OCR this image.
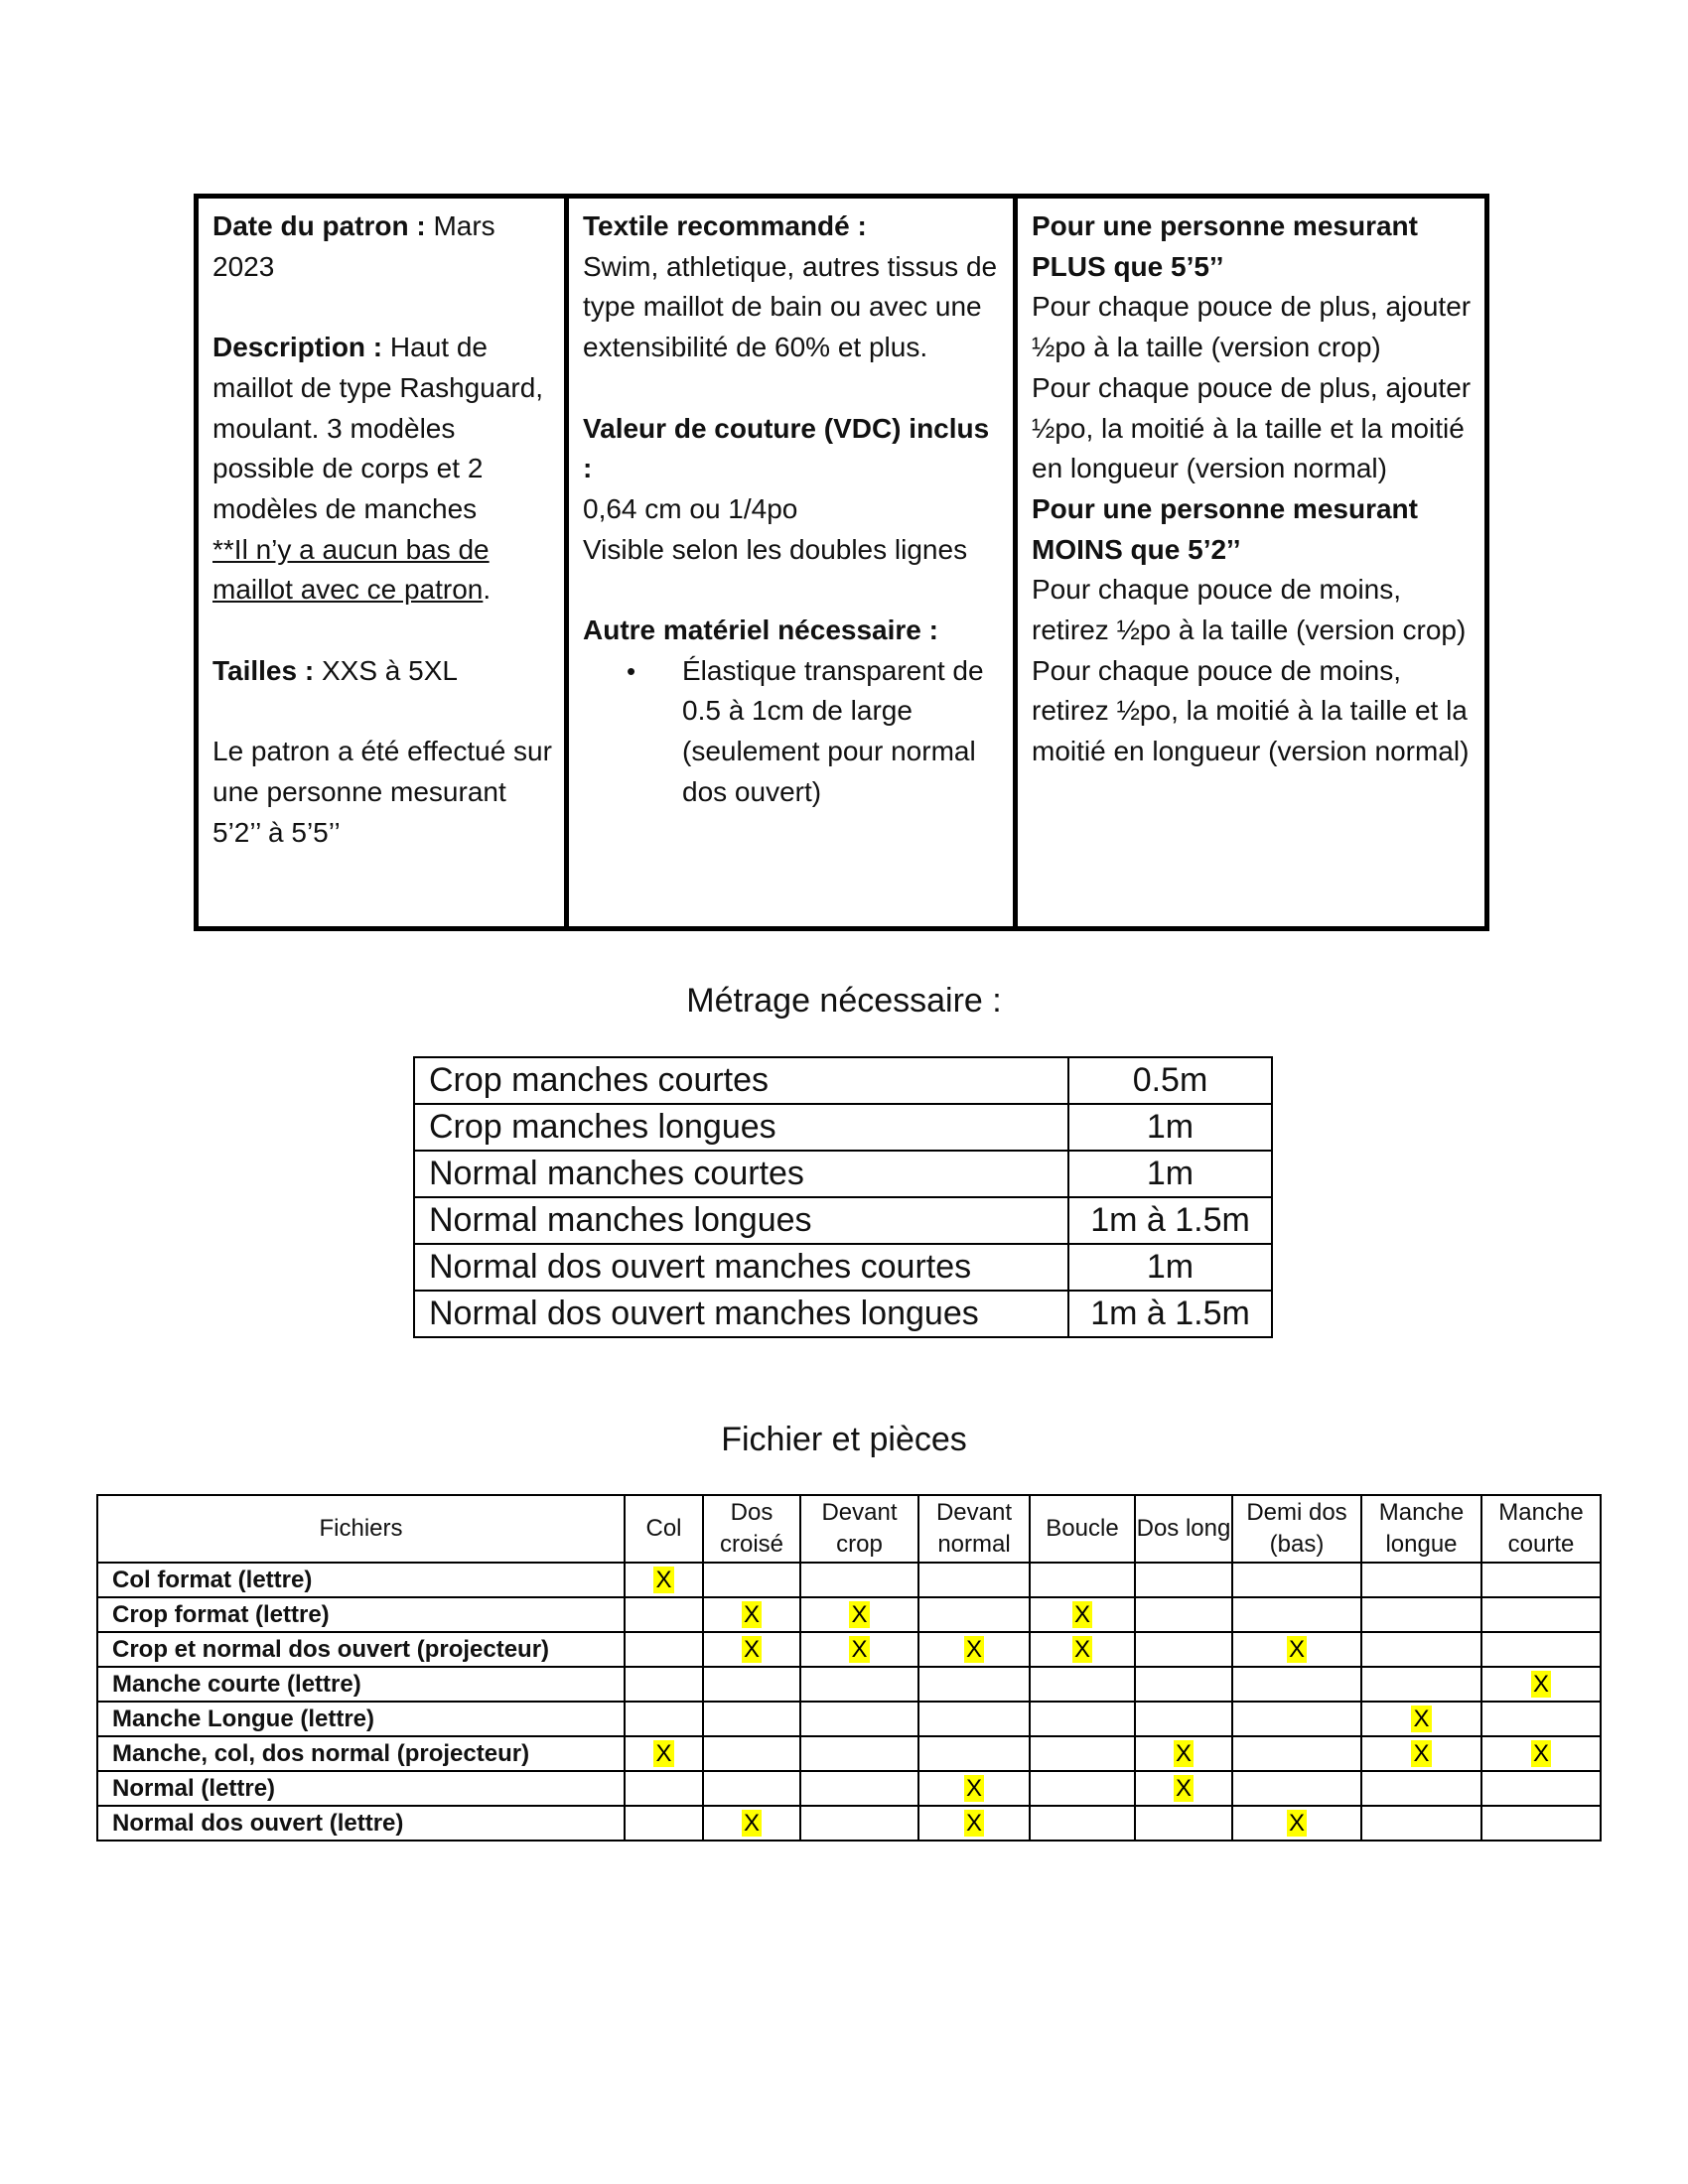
Date du patron : Mars 2023
Description : Haut de maillot de type Rashguard, moulant. 3 modèles possible de corps et 2 modèles de manches
**Il n’y a aucun bas de maillot avec ce patron.
Tailles : XXS à 5XL
Le patron a été effectué sur une personne mesurant 5’2’’ à 5’5’’
Textile recommandé :
Swim, athletique, autres tissus de type maillot de bain ou avec une extensibilité de 60% et plus.
Valeur de couture (VDC) inclus :
0,64 cm ou 1/4po
Visible selon les doubles lignes
Autre matériel nécessaire :
• Élastique transparent de 0.5 à 1cm de large (seulement pour normal dos ouvert)
Pour une personne mesurant PLUS que 5’5’’
Pour chaque pouce de plus, ajouter ½po à la taille (version crop)
Pour chaque pouce de plus, ajouter ½po, la moitié à la taille et la moitié en longueur (version normal)
Pour une personne mesurant MOINS que 5’2’’
Pour chaque pouce de moins, retirez ½po à la taille (version crop)
Pour chaque pouce de moins, retirez ½po, la moitié à la taille et la moitié en longueur (version normal)
Métrage nécessaire :
Crop manches courtes	0.5m
Crop manches longues	1m
Normal manches courtes	1m
Normal manches longues	1m à 1.5m
Normal dos ouvert manches courtes	1m
Normal dos ouvert manches longues	1m à 1.5m
Fichier et pièces
Fichiers	Col	Dos croisé	Devant crop	Devant normal	Boucle	Dos long	Demi dos (bas)	Manche longue	Manche courte
Col format (lettre)	X								
Crop format (lettre)		X	X		X				
Crop et normal dos ouvert (projecteur)		X	X	X	X		X		
Manche courte (lettre)									X
Manche Longue (lettre)								X	
Manche, col, dos normal (projecteur)	X					X		X	X
Normal (lettre)				X		X			
Normal dos ouvert (lettre)		X		X			X		
